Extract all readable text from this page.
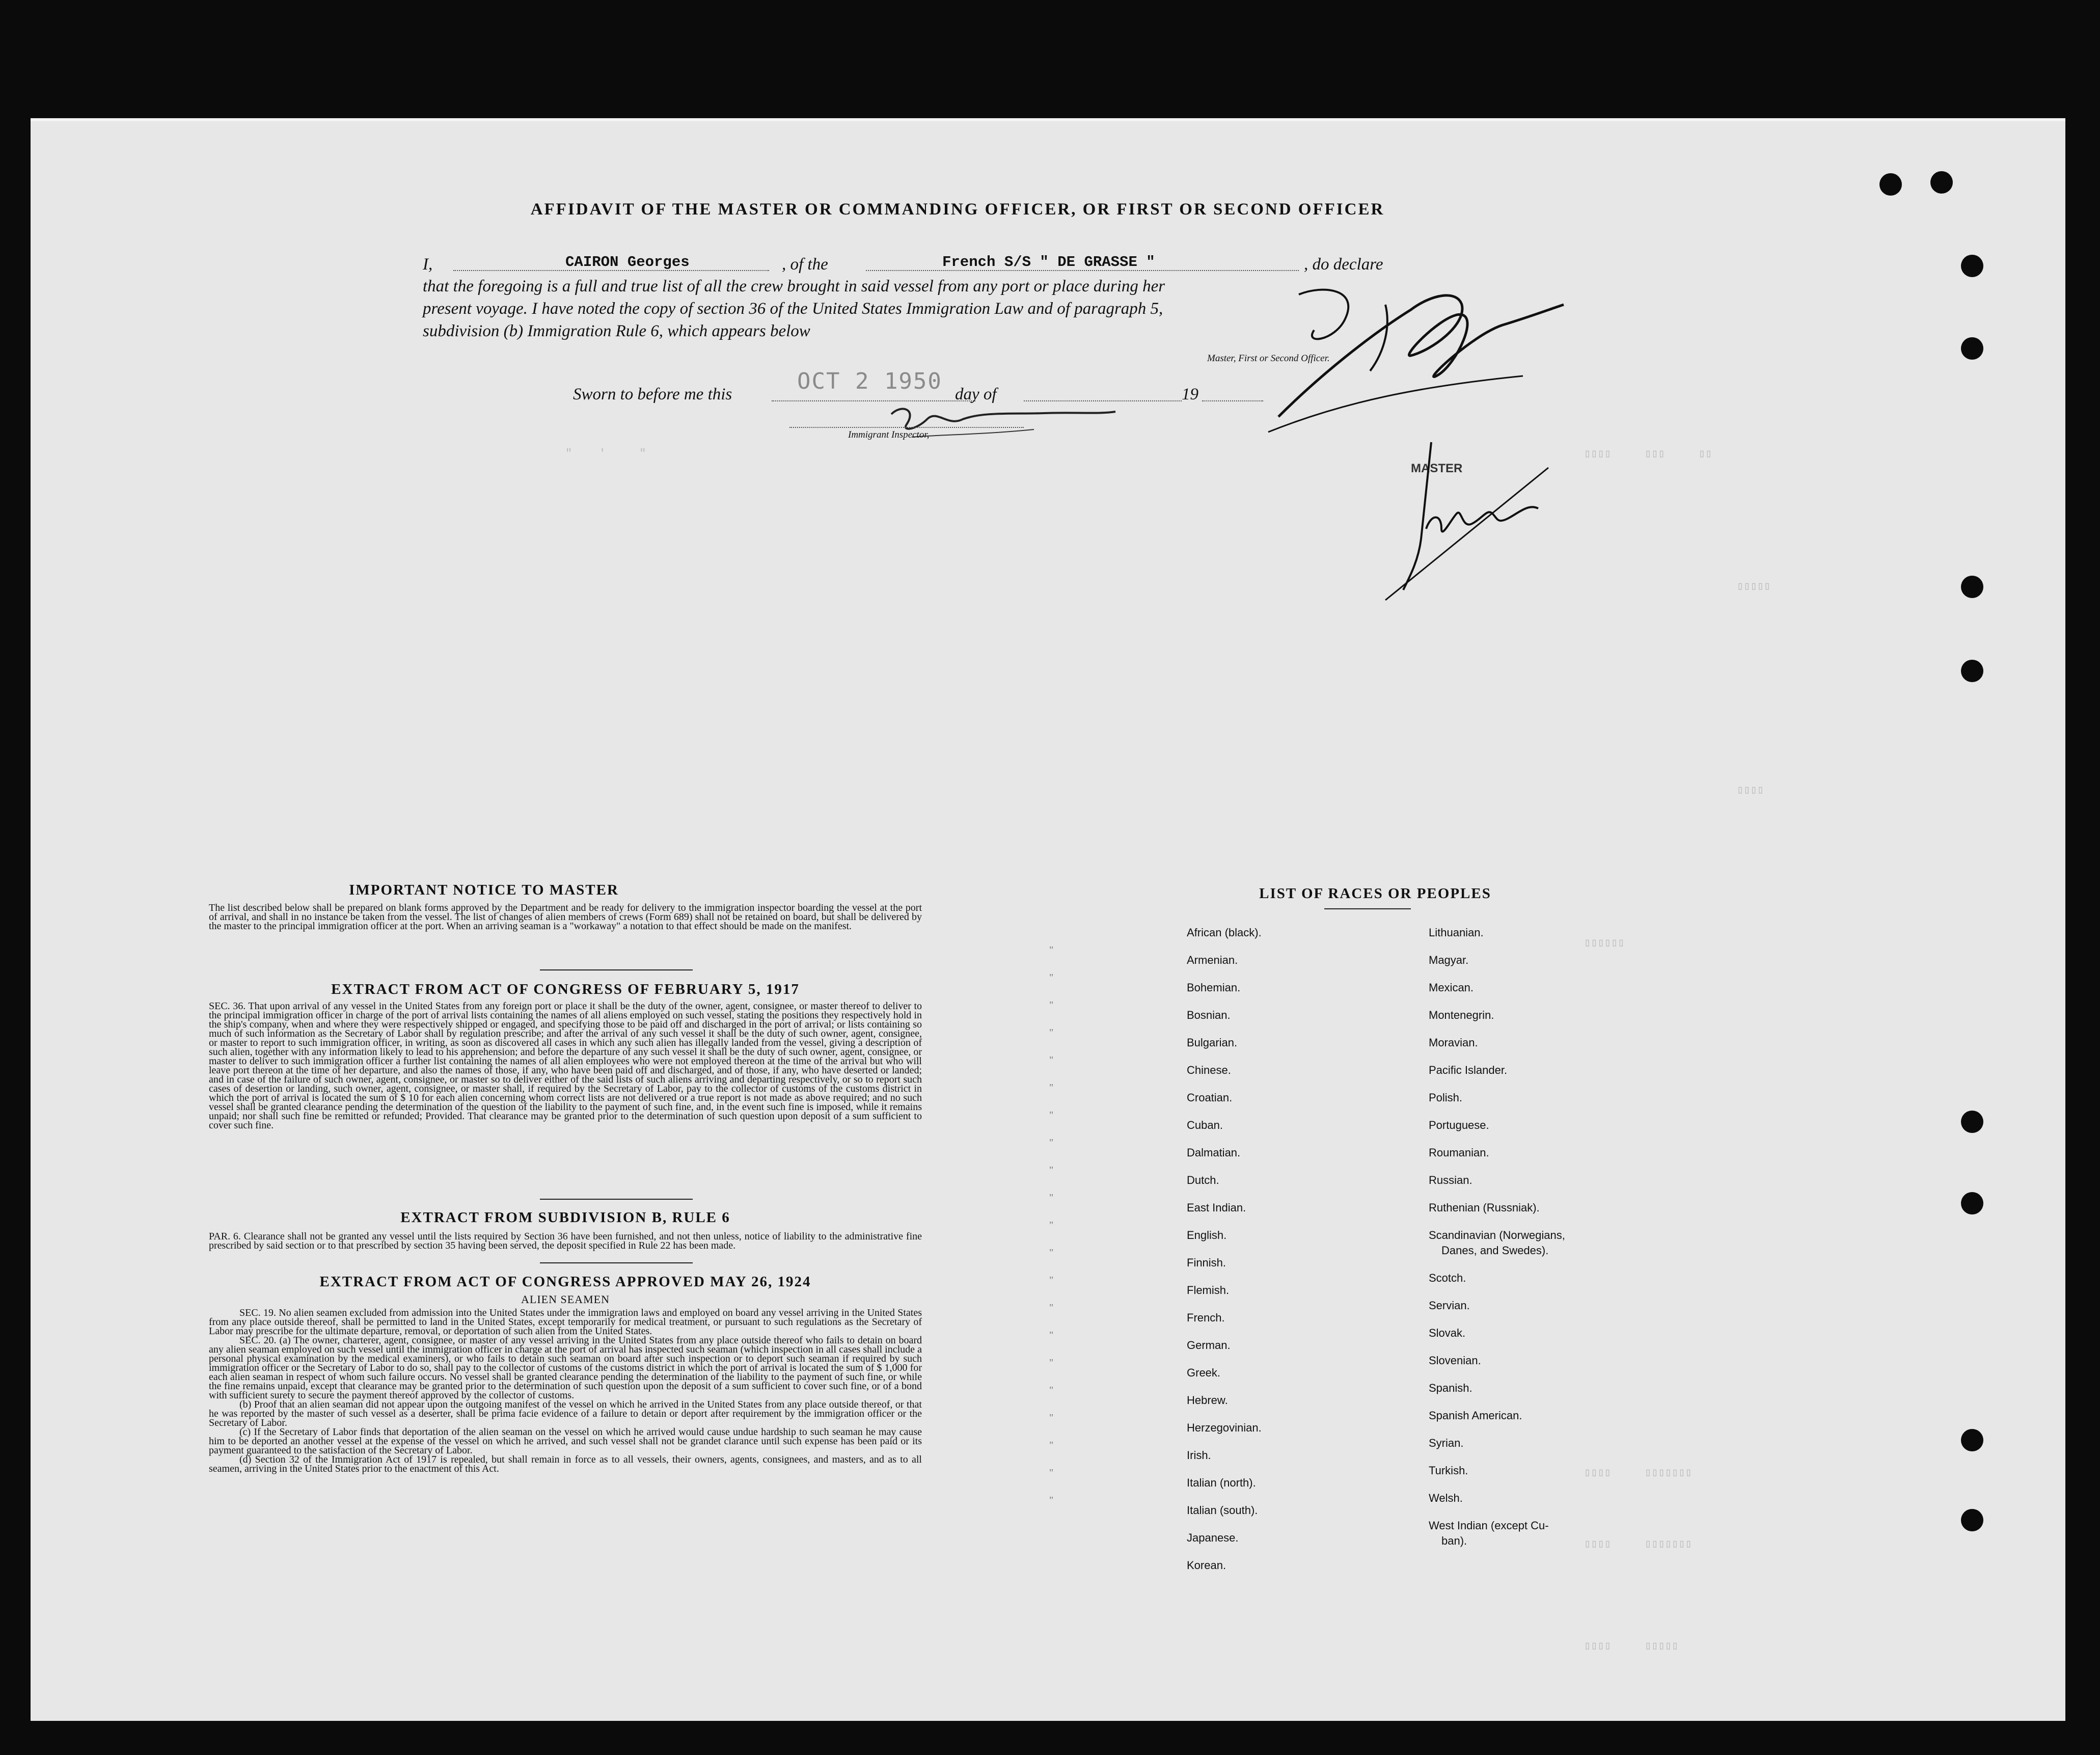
AFFIDAVIT OF THE MASTER OR COMMANDING OFFICER, OR FIRST OR SECOND OFFICER
I,	CAIRON Georges	, of the	French S/S " DE GRASSE "	, do declare
that the foregoing is a full and true list of all the crew brought in said vessel from any port or place during her
present voyage. I have noted the copy of section 36 of the United States Immigration Law and of paragraph 5,
subdivision (b) Immigration Rule 6, which appears below
Master, First or Second Officer.
Sworn to before me this	OCT 2 1950 day of	19
Immigrant Inspector,
MASTER
"    '     "	▯▯▯▯     ▯▯▯     ▯▯
▯▯▯▯▯
▯▯▯▯
▯▯▯▯▯▯
▯▯▯▯     ▯▯▯▯▯▯▯
▯▯▯▯     ▯▯▯▯▯▯▯
▯▯▯▯     ▯▯▯▯▯
IMPORTANT NOTICE TO MASTER

The list described below shall be prepared on blank forms approved by the Department and be ready for delivery to the immigration inspector boarding the vessel at the port of arrival, and shall in no instance be taken from the vessel. The list of changes of alien members of crews (Form 689) shall not be retained on board, but shall be delivered by the master to the principal immigration officer at the port. When an arriving seaman is a "workaway" a notation to that effect should be made on the manifest.

EXTRACT FROM ACT OF CONGRESS OF FEBRUARY 5, 1917

SEC. 36. That upon arrival of any vessel in the United States from any foreign port or place it shall be the duty of the owner, agent, consignee, or master thereof to deliver to the principal immigration officer in charge of the port of arrival lists containing the names of all aliens employed on such vessel, stating the positions they respectively hold in the ship's company, when and where they were respectively shipped or engaged, and specifying those to be paid off and discharged in the port of arrival; or lists containing so much of such information as the Secretary of Labor shall by regulation prescribe; and after the arrival of any such vessel it shall be the duty of such owner, agent, consignee, or master to report to such immigration officer, in writing, as soon as discovered all cases in which any such alien has illegally landed from the vessel, giving a description of such alien, together with any information likely to lead to his apprehension; and before the departure of any such vessel it shall be the duty of such owner, agent, consignee, or master to deliver to such immigration officer a further list containing the names of all alien employees who were not employed thereon at the time of the arrival but who will leave port thereon at the time of her departure, and also the names of those, if any, who have been paid off and discharged, and of those, if any, who have deserted or landed; and in case of the failure of such owner, agent, consignee, or master so to deliver either of the said lists of such aliens arriving and departing respectively, or so to report such cases of desertion or landing, such owner, agent, consignee, or master shall, if required by the Secretary of Labor, pay to the collector of customs of the customs district in which the port of arrival is located the sum of $ 10 for each alien concerning whom correct lists are not delivered or a true report is not made as above required; and no such vessel shall be granted clearance pending the determination of the question of the liability to the payment of such fine, and, in the event such fine is imposed, while it remains unpaid; nor shall such fine be remitted or refunded; Provided. That clearance may be granted prior to the determination of such question upon deposit of a sum sufficient to cover such fine.

EXTRACT FROM SUBDIVISION B, RULE 6

PAR. 6. Clearance shall not be granted any vessel until the lists required by Section 36 have been furnished, and not then unless, notice of liability to the administrative fine prescribed by said section or to that prescribed by section 35 having been served, the deposit specified in Rule 22 has been made.

EXTRACT FROM ACT OF CONGRESS APPROVED MAY 26, 1924
ALIEN SEAMEN

SEC. 19. No alien seamen excluded from admission into the United States under the immigration laws and employed on board any vessel arriving in the United States from any place outside thereof, shall be permitted to land in the United States, except temporarily for medical treatment, or pursuant to such regulations as the Secretary of Labor may prescribe for the ultimate departure, removal, or deportation of such alien from the United States.

SEC. 20. (a) The owner, charterer, agent, consignee, or master of any vessel arriving in the United States from any place outside thereof who fails to detain on board any alien seaman employed on such vessel until the immigration officer in charge at the port of arrival has inspected such seaman (which inspection in all cases shall include a personal physical examination by the medical examiners), or who fails to detain such seaman on board after such inspection or to deport such seaman if required by such immigration officer or the Secretary of Labor to do so, shall pay to the collector of customs of the customs district in which the port of arrival is located the sum of $ 1,000 for each alien seaman in respect of whom such failure occurs. No vessel shall be granted clearance pending the determination of the liability to the payment of such fine, or while the fine remains unpaid, except that clearance may be granted prior to the determination of such question upon the deposit of a sum sufficient to cover such fine, or of a bond with sufficient surety to secure the payment thereof approved by the collector of customs.

(b) Proof that an alien seaman did not appear upon the outgoing manifest of the vessel on which he arrived in the United States from any place outside thereof, or that he was reported by the master of such vessel as a deserter, shall be prima facie evidence of a failure to detain or deport after requirement by the immigration officer or the Secretary of Labor.

(c) If the Secretary of Labor finds that deportation of the alien seaman on the vessel on which he arrived would cause undue hardship to such seaman he may cause him to be deported an another vessel at the expense of the vessel on which he arrived, and such vessel shall not be grandet clarance until such expense has been paid or its payment guaranteed to the satisfaction of the Secretary of Labor.

(d) Section 32 of the Immigration Act of 1917 is repealed, but shall remain in force as to all vessels, their owners, agents, consignees, and masters, and as to all seamen, arriving in the United States prior to the enactment of this Act.

LIST OF RACES OR PEOPLES
African (black).
Armenian.
Bohemian.
Bosnian.
Bulgarian.
Chinese.
Croatian.
Cuban.
Dalmatian.
Dutch.
East Indian.
English.
Finnish.
Flemish.
French.
German.
Greek.
Hebrew.
Herzegovinian.
Irish.
Italian (north).
Italian (south).
Japanese.
Korean.
Lithuanian.
Magyar.
Mexican.
Montenegrin.
Moravian.
Pacific Islander.
Polish.
Portuguese.
Roumanian.
Russian.
Ruthenian (Russniak).
Scandinavian (Norwegians,
Danes, and Swedes).
Scotch.
Servian.
Slovak.
Slovenian.
Spanish.
Spanish American.
Syrian.
Turkish.
Welsh.
West Indian (except Cu-
ban).
"
"
"
"
"
"
"
"
"
"
"
"
"
"
"
"
"
"
"
"
"
